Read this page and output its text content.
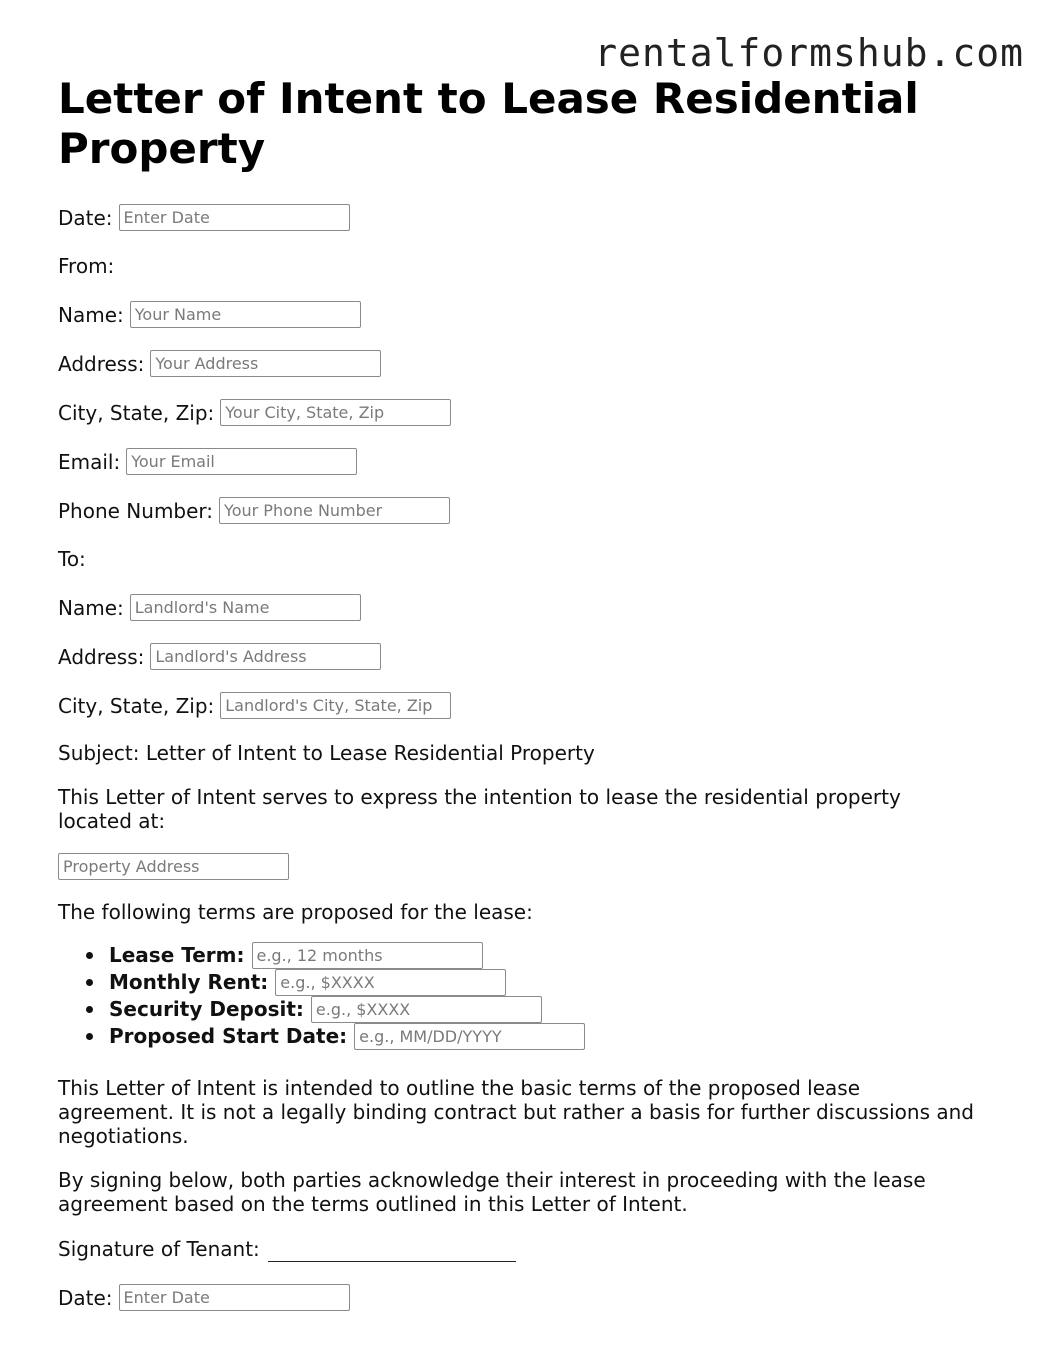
rentalformshub.com
Letter of Intent to Lease Residential Property
Date:
Enter Date
From:
Name:
Your Name
Address:
Your Address
City, State, Zip:
Your City, State, Zip
Email:
Your Email
Phone Number:
Your Phone Number
To:
Name:
Landlord's Name
Address:
Landlord's Address
City, State, Zip:
Landlord's City, State, Zip
Subject: Letter of Intent to Lease Residential Property
This Letter of Intent serves to express the intention to lease the residential property located at:
Property Address
The following terms are proposed for the lease:
Lease Term:
e.g., 12 months
Monthly Rent:
e.g., $XXXX
Security Deposit:
e.g., $XXXX
Proposed Start Date:
e.g., MM/DD/YYYY
This Letter of Intent is intended to outline the basic terms of the proposed lease agreement. It is not a legally binding contract but rather a basis for further discussions and negotiations.
By signing below, both parties acknowledge their interest in proceeding with the lease agreement based on the terms outlined in this Letter of Intent.
Signature of Tenant:
Date:
Enter Date
